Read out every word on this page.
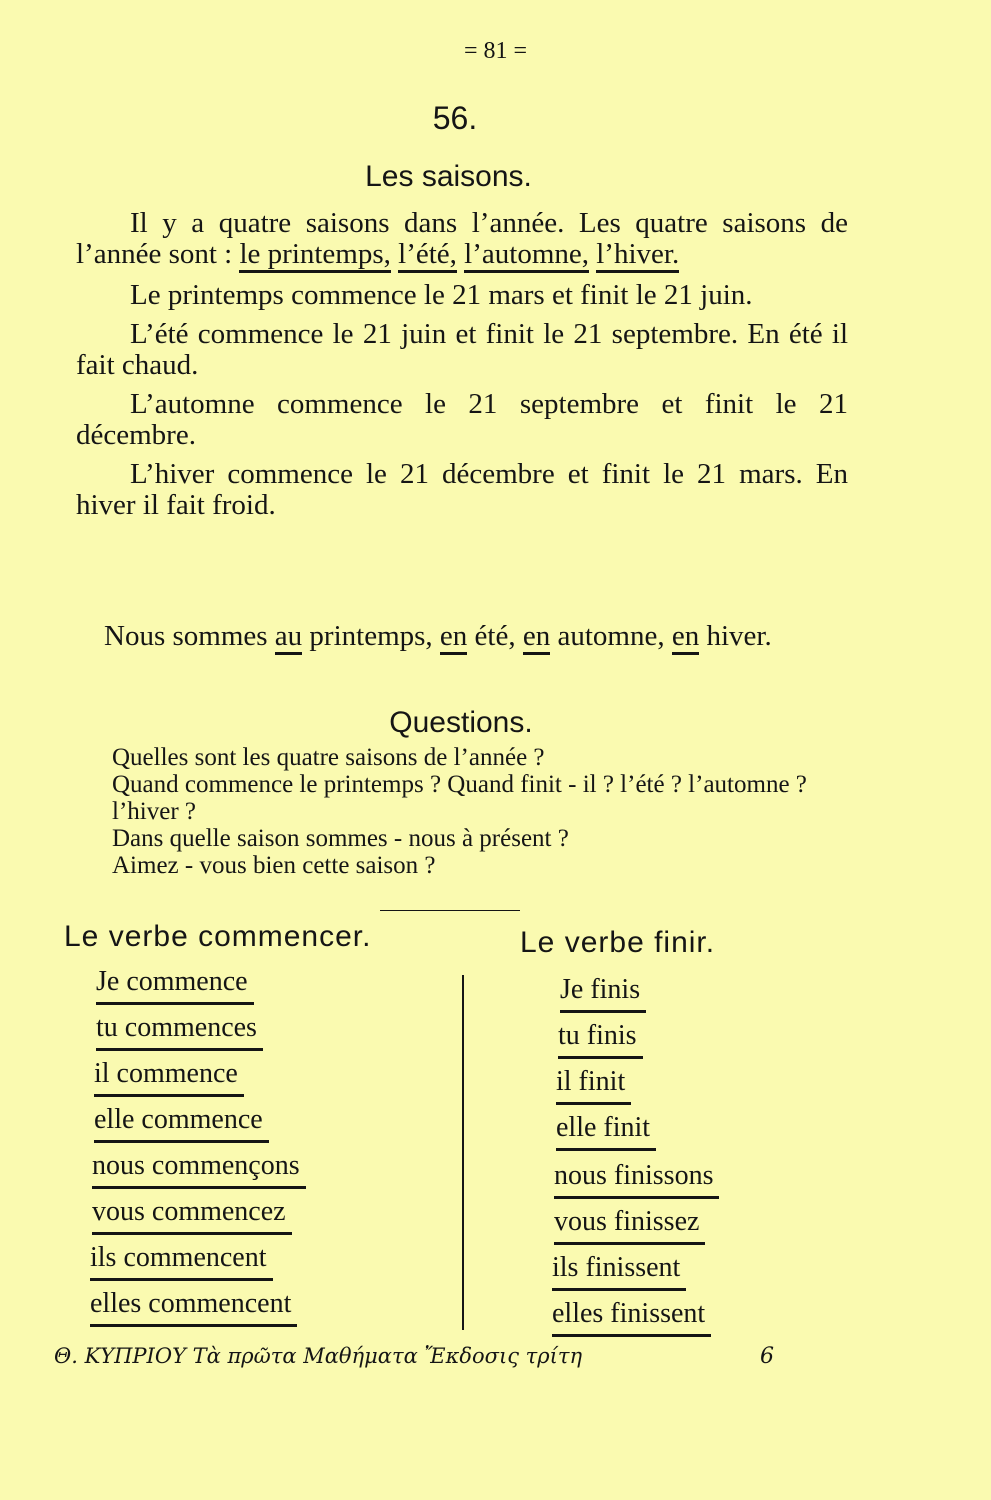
= 81 =
56.
Les saisons.
Il y a quatre saisons dans l’année. Les quatre saisons de l’année sont : le printemps, l’été, l’automne, l’hiver.
Le printemps commence le 21 mars et finit le 21 juin.
L’été commence le 21 juin et finit le 21 septembre. En été il fait chaud.
L’automne commence le 21 septembre et finit le 21 décembre.
L’hiver commence le 21 décembre et finit le 21 mars. En hiver il fait froid.
Nous sommes au printemps, en été, en automne, en hiver.
Questions.
Quelles sont les quatre saisons de l’année ?
Quand commence le printemps ? Quand finit - il ? l’été ? l’automne ? l’hiver ?
Dans quelle saison sommes - nous à présent ?
Aimez - vous bien cette saison ?
Le verbe commencer.	Le verbe finir.
Je commence
tu commences
il commence
elle commence
nous commençons
vous commencez
ils commencent
elles commencent
Je finis
tu finis
il finit
elle finit
nous finissons
vous finissez
ils finissent
elles finissent
Θ. ΚΥΠΡΙΟΥ Τὰ πρῶτα Μαθήματα Ἔκδοσις τρίτη	6
